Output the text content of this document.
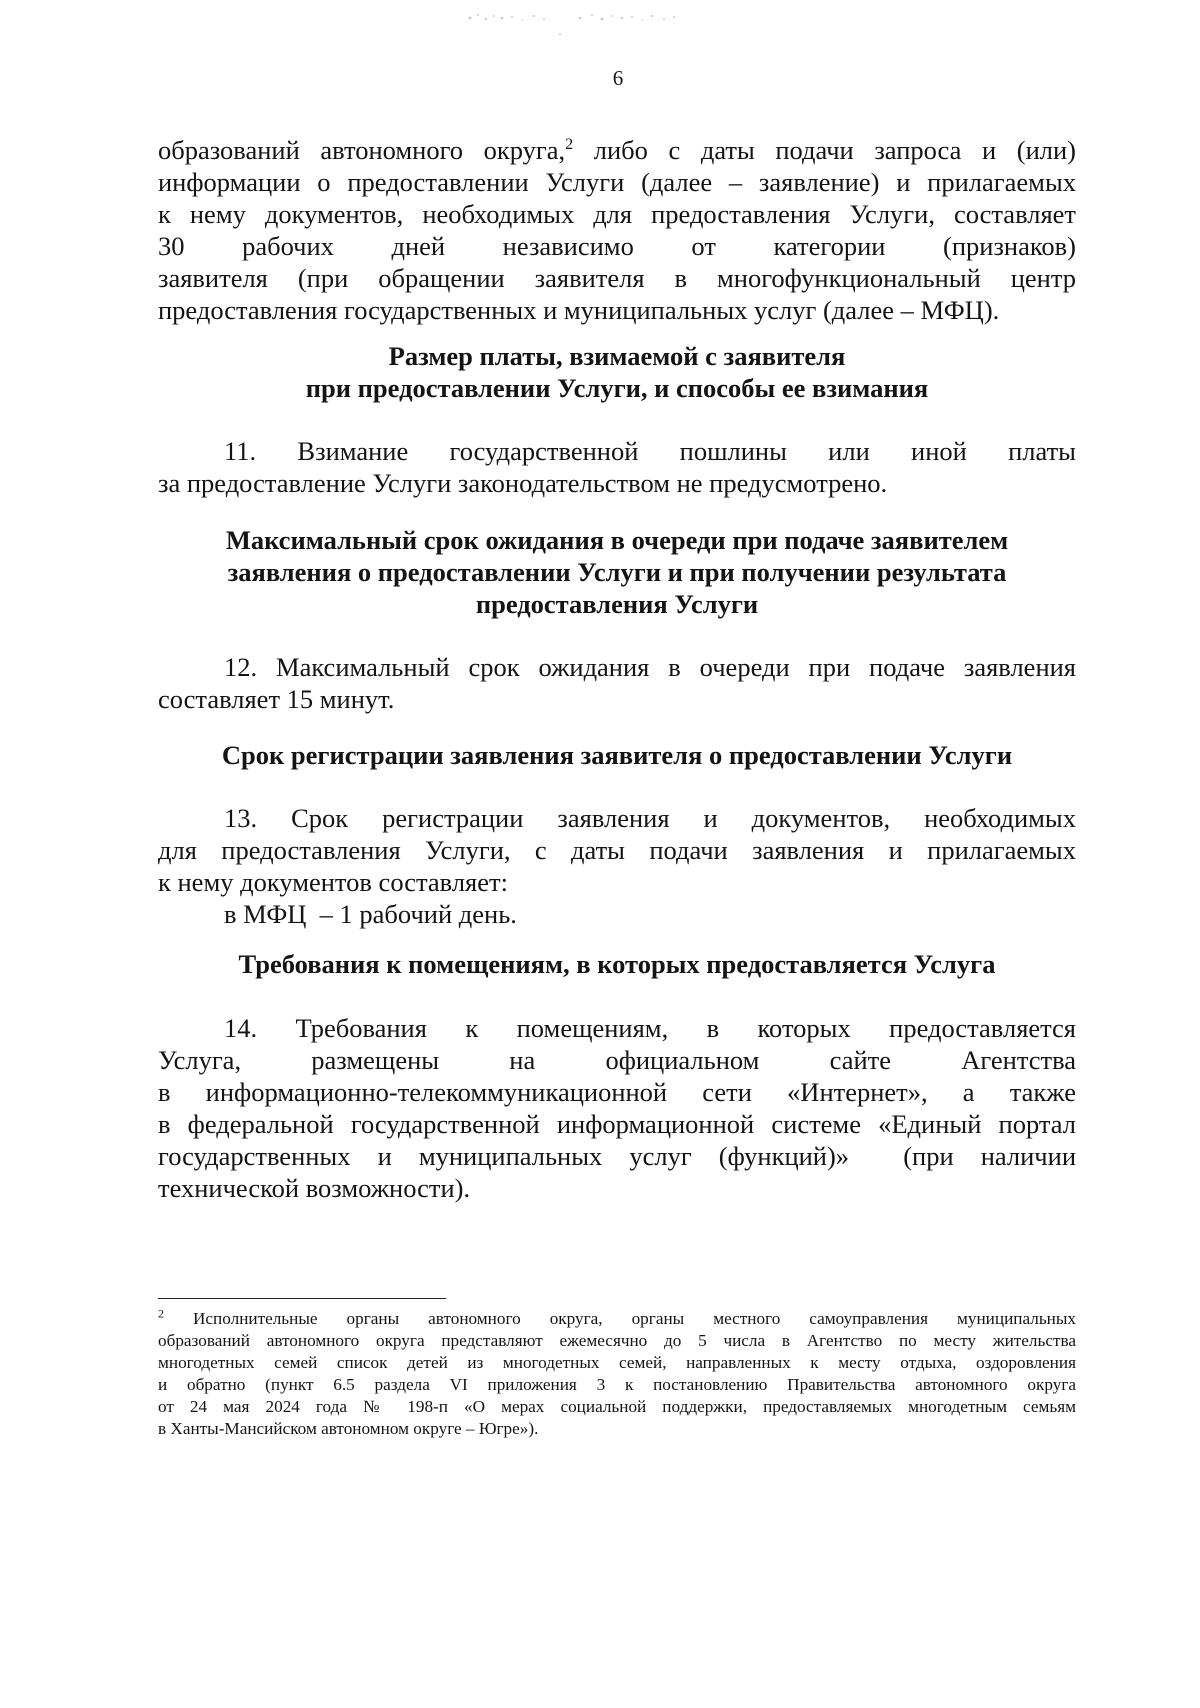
6

образований автономного округа,$^2$ либо с даты подачи запроса и (или)

информации о предоставлении Услуги (далее – заявление) и прилагаемых

к нему документов, необходимых для предоставления Услуги, составляет

30 рабочих дней независимо от категории (признаков)

заявителя (при обращении заявителя в многофункциональный центр

предоставления государственных и муниципальных услуг (далее – МФЦ).

Размер платы, взимаемой с заявителя
при предоставлении Услуги, и способы ее взимания

11. Взимание государственной пошлины или иной платы

за предоставление Услуги законодательством не предусмотрено.

Максимальный срок ожидания в очереди при подаче заявителем
заявления о предоставлении Услуги и при получении результата
предоставления Услуги

12. Максимальный срок ожидания в очереди при подаче заявления

составляет 15 минут.

Срок регистрации заявления заявителя о предоставлении Услуги

13. Срок регистрации заявления и документов, необходимых

для предоставления Услуги, с даты подачи заявления и прилагаемых

к нему документов составляет:

в МФЦ  – 1 рабочий день.

Требования к помещениям, в которых предоставляется Услуга

14. Требования к помещениям, в которых предоставляется

Услуга, размещены на официальном сайте Агентства

в информационно-телекоммуникационной сети «Интернет», а также

в федеральной государственной информационной системе «Единый портал

государственных и муниципальных услуг (функций)»  (при наличии

технической возможности).

$^2$ Исполнительные органы автономного округа, органы местного самоуправления муниципальных

образований автономного округа представляют ежемесячно до 5 числа в Агентство по месту жительства

многодетных семей список детей из многодетных семей, направленных к месту отдыха, оздоровления

и обратно (пункт 6.5 раздела VI приложения 3 к постановлению Правительства автономного округа

от 24 мая 2024 года № 198-п «О мерах социальной поддержки, предоставляемых многодетным семьям

в Ханты-Мансийском автономном округе – Югре»).
